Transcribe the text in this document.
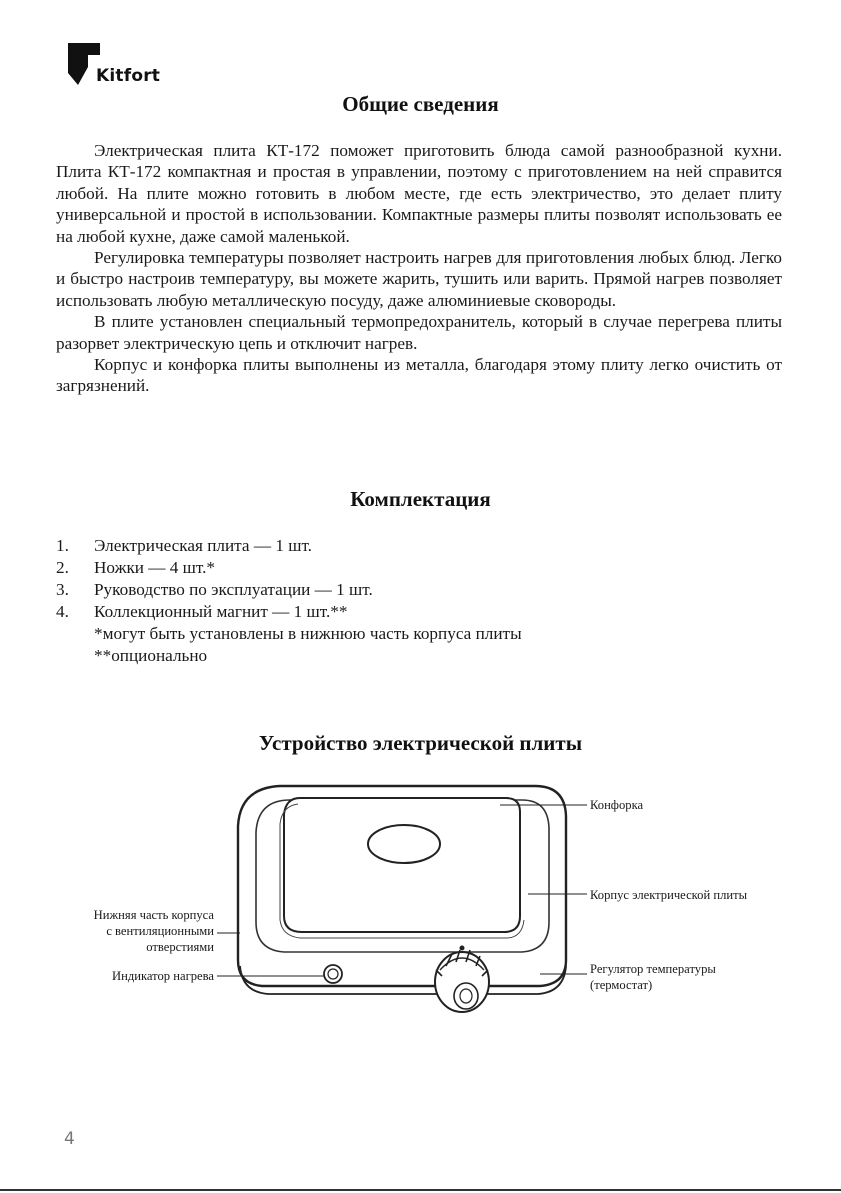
Kitfort
Общие сведения

Электрическая плита КТ-172 поможет приготовить блюда самой разнообразной кухни. Плита КТ-172 компактная и простая в управлении, поэтому с приготовлением на ней справится любой. На плите можно готовить в любом месте, где есть электричество, это делает плиту универсальной и простой в использовании. Компактные размеры плиты позволят использовать ее на любой кухне, даже самой маленькой.

Регулировка температуры позволяет настроить нагрев для приготовления любых блюд. Легко и быстро настроив температуру, вы можете жарить, тушить или варить. Прямой нагрев позволяет использовать любую металлическую посуду, даже алюминиевые сковороды.

В плите установлен специальный термопредохранитель, который в случае перегрева плиты разорвет электрическую цепь и отключит нагрев.

Корпус и конфорка плиты выполнены из металла, благодаря этому плиту легко очистить от загрязнений.

Комплектация
1. Электрическая плита — 1 шт.
2. Ножки — 4 шт.*
3. Руководство по эксплуатации — 1 шт.
4. Коллекционный магнит — 1 шт.**
*могут быть установлены в нижнюю часть корпуса плиты
**опционально
Устройство электрической плиты
Конфорка
Корпус электрической плиты
Нижняя часть корпуса
с вентиляционными
отверстиями
Индикатор нагрева	Регулятор температуры
(термостат)
4
